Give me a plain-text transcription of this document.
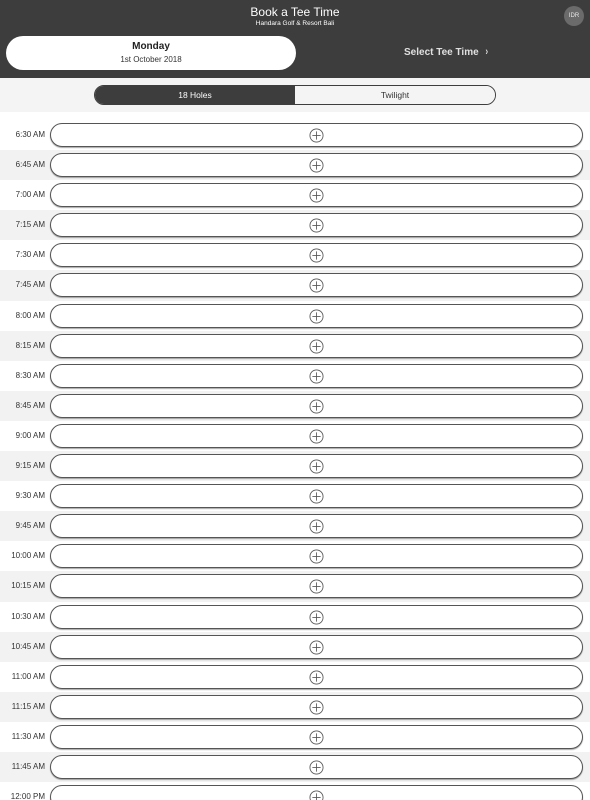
Book a Tee Time
Handara Golf & Resort Bali
IDR
Monday
1st October 2018
Select Tee Time ›
18 Holes	Twilight
6:30 AM
6:45 AM
7:00 AM
7:15 AM
7:30 AM
7:45 AM
8:00 AM
8:15 AM
8:30 AM
8:45 AM
9:00 AM
9:15 AM
9:30 AM
9:45 AM
10:00 AM
10:15 AM
10:30 AM
10:45 AM
11:00 AM
11:15 AM
11:30 AM
11:45 AM
12:00 PM
